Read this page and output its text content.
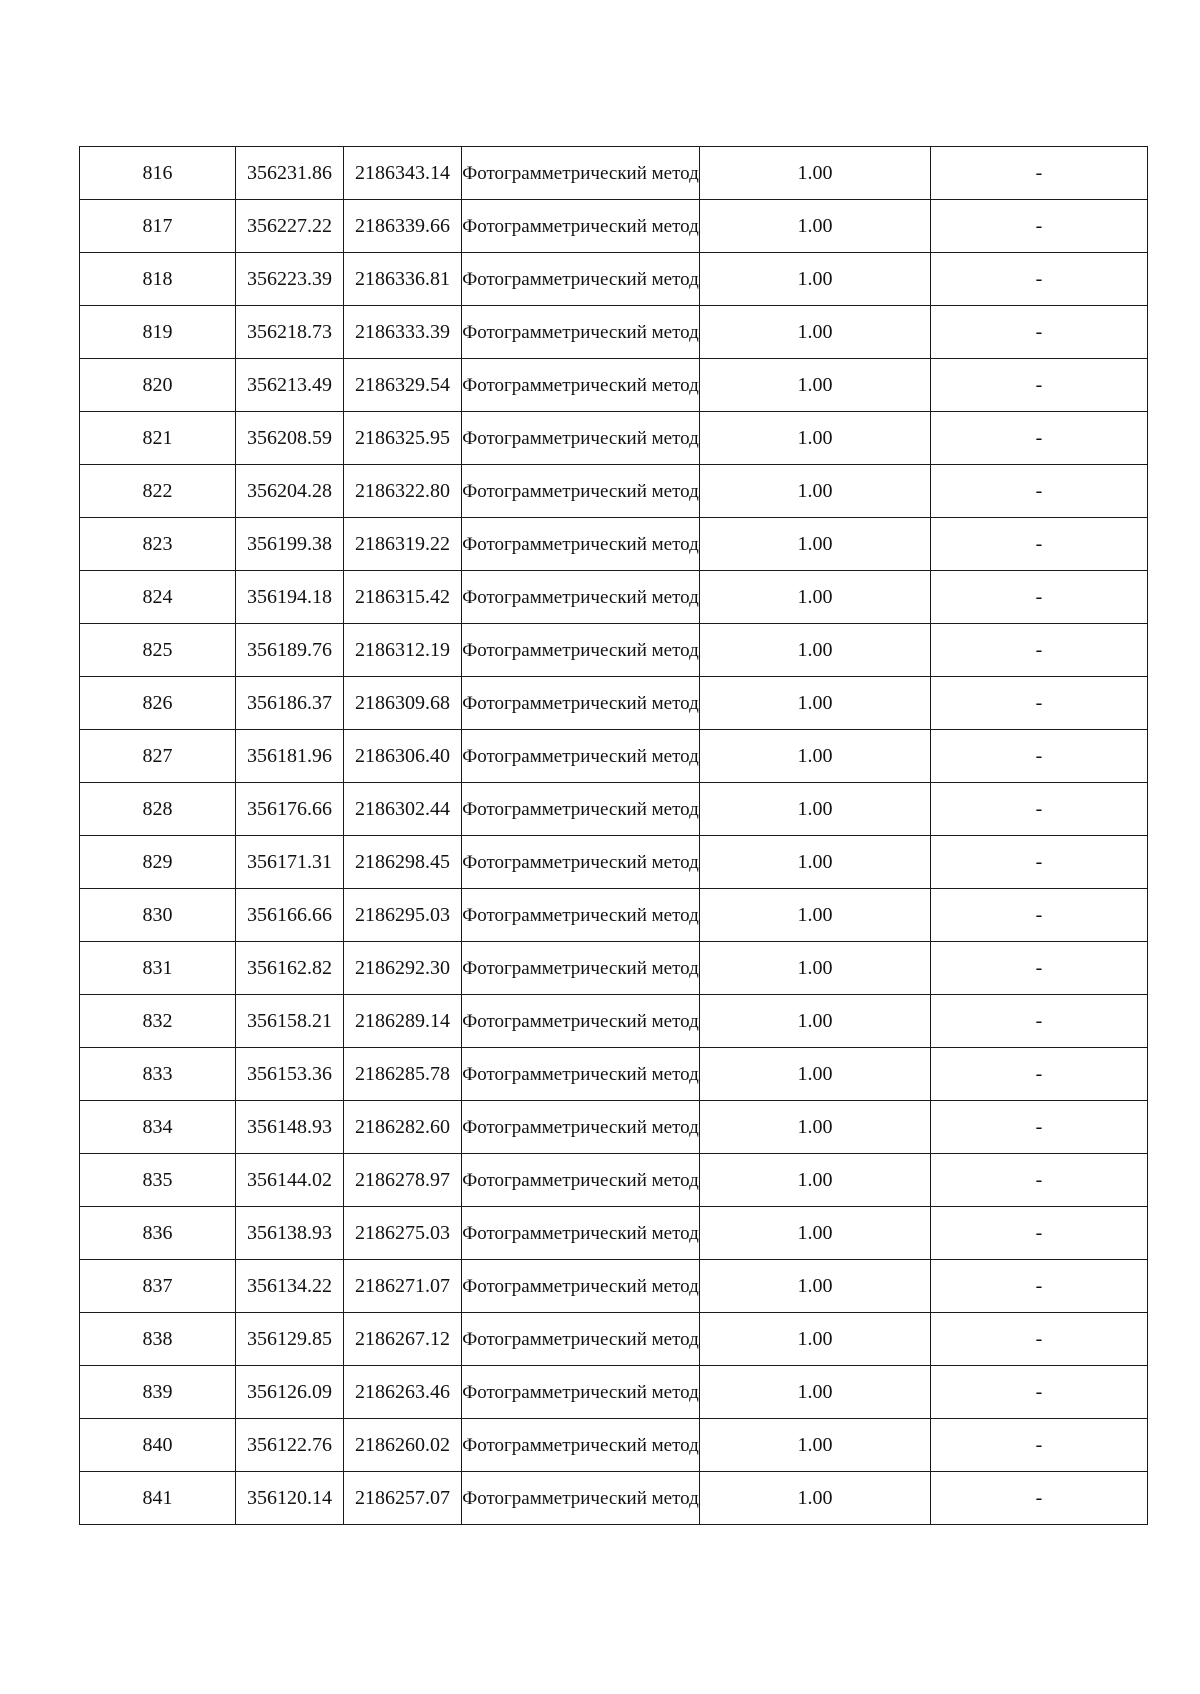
816	356231.86	2186343.14	Фотограмметрический метод	1.00	-
817	356227.22	2186339.66	Фотограмметрический метод	1.00	-
818	356223.39	2186336.81	Фотограмметрический метод	1.00	-
819	356218.73	2186333.39	Фотограмметрический метод	1.00	-
820	356213.49	2186329.54	Фотограмметрический метод	1.00	-
821	356208.59	2186325.95	Фотограмметрический метод	1.00	-
822	356204.28	2186322.80	Фотограмметрический метод	1.00	-
823	356199.38	2186319.22	Фотограмметрический метод	1.00	-
824	356194.18	2186315.42	Фотограмметрический метод	1.00	-
825	356189.76	2186312.19	Фотограмметрический метод	1.00	-
826	356186.37	2186309.68	Фотограмметрический метод	1.00	-
827	356181.96	2186306.40	Фотограмметрический метод	1.00	-
828	356176.66	2186302.44	Фотограмметрический метод	1.00	-
829	356171.31	2186298.45	Фотограмметрический метод	1.00	-
830	356166.66	2186295.03	Фотограмметрический метод	1.00	-
831	356162.82	2186292.30	Фотограмметрический метод	1.00	-
832	356158.21	2186289.14	Фотограмметрический метод	1.00	-
833	356153.36	2186285.78	Фотограмметрический метод	1.00	-
834	356148.93	2186282.60	Фотограмметрический метод	1.00	-
835	356144.02	2186278.97	Фотограмметрический метод	1.00	-
836	356138.93	2186275.03	Фотограмметрический метод	1.00	-
837	356134.22	2186271.07	Фотограмметрический метод	1.00	-
838	356129.85	2186267.12	Фотограмметрический метод	1.00	-
839	356126.09	2186263.46	Фотограмметрический метод	1.00	-
840	356122.76	2186260.02	Фотограмметрический метод	1.00	-
841	356120.14	2186257.07	Фотограмметрический метод	1.00	-
